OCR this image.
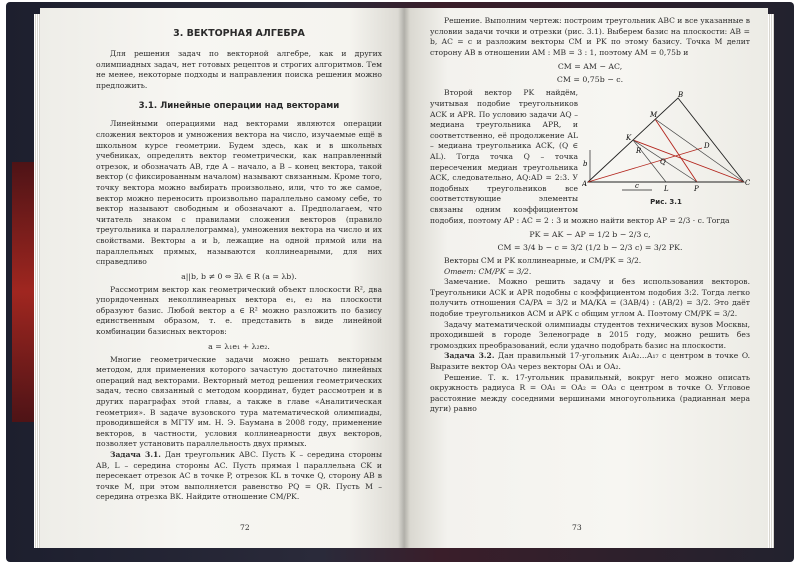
3. ВЕКТОРНАЯ АЛГЕБРА

Для решения задач по векторной алгебре, как и других олимпиадных задач, нет готовых рецептов и строгих алгоритмов. Тем не менее, некоторые подходы и направления поиска решения можно предложить.

3.1. Линейные операции над векторами

Линейными операциями над векторами являются операции сложения векторов и умножения вектора на число, изучаемые ещё в школьном курсе геометрии. Будем здесь, как и в школьных учебниках, определять вектор геометрически, как направленный отрезок, и обозначать AB, где A – начало, а B – конец вектора, такой вектор (с фиксированным началом) называют связанным. Кроме того, точку вектора можно выбирать произвольно, или, что то же самое, вектор можно переносить произвольно параллельно самому себе, то вектор называют свободным и обозначают a. Предполагаем, что читатель знаком с правилами сложения векторов (правило треугольника и параллелограмма), умножения вектора на число и их свойствами. Векторы a и b, лежащие на одной прямой или на параллельных прямых, называются коллинеарными, для них справедливо

a||b, b ≠ 0 ⇔ ∃λ ∈ R (a = λb).

Рассмотрим вектор как геометрический объект плоскости R², два упорядоченных неколлинеарных вектора e₁, e₂ на плоскости образуют базис. Любой вектор a ∈ R² можно разложить по базису единственным образом, т. е. представить в виде линейной комбинации базисных векторов:

a = λ₁e₁ + λ₂e₂.

Многие геометрические задачи можно решать векторным методом, для применения которого зачастую достаточно линейных операций над векторами. Векторный метод решения геометрических задач, тесно связанный с методом координат, будет рассмотрен и в других параграфах этой главы, а также в главе «Аналитическая геометрия». В задаче вузовского тура математической олимпиады, проводившейся в МГТУ им. Н. Э. Баумана в 2008 году, применение векторов, в частности, условия коллинеарности двух векторов, позволяет установить параллельность двух прямых.

Задача 3.1. Дан треугольник ABC. Пусть K – середина стороны AB, L – середина стороны AC. Пусть прямая l параллельна CK и пересекает отрезок AC в точке P, отрезок KL в точке Q, сторону AB в точке M, при этом выполняется равенство PQ = QR. Пусть M – середина отрезка BK. Найдите отношение CM/PK.

72

Решение. Выполним чертеж: построим треугольник ABC и все указанные в условии задачи точки и отрезки (рис. 3.1). Выберем базис на плоскости: AB = b, AC = c и разложим векторы CM и PK по этому базису. Точка M делит сторону AB в отношении AM : MB = 3 : 1, поэтому AM = 0,75b и

CM = AM − AC,
CM = 0,75b − c.
A
B
C
K
M
D
L	P
Q
R
b
c
Рис. 3.1

Второй вектор PK найдём, учитывая подобие треугольников ACK и APR. По условию задачи AQ – медиана треугольника APR, и соответственно, её продолжение AL – медиана треугольника ACK, (Q ∈ AL). Тогда точка Q – точка пересечения медиан треугольника ACK, следовательно, AQ:AD = 2:3. У подобных треугольников все соответствующие элементы связаны одним коэффициентом подобия, поэтому AP : AC = 2 : 3 и можно найти вектор AP = 2/3 · c. Тогда

PK = AK − AP = 1/2 b − 2/3 c,
CM = 3/4 b − c = 3/2 (1/2 b − 2/3 c) = 3/2 PK.

Векторы CM и PK коллинеарные, и CM/PK = 3/2.

Ответ: CM/PK = 3/2.

Замечание. Можно решить задачу и без использования векторов. Треугольники ACK и APR подобны с коэффициентом подобия 3:2. Тогда легко получить отношения CA/PA = 3/2 и MA/KA = (3AB/4) : (AB/2) = 3/2. Это даёт подобие треугольников ACM и APK с общим углом A. Поэтому CM/PK = 3/2.

Задачу математической олимпиады студентов технических вузов Москвы, проходившей в городе Зеленограде в 2015 году, можно решить без громоздких преобразований, если удачно подобрать базис на плоскости.

Задача 3.2. Дан правильный 17-угольник A₁A₂…A₁₇ с центром в точке O. Выразите вектор OA₃ через векторы OA₁ и OA₂.

Решение. Т. к. 17-угольник правильный, вокруг него можно описать окружность радиуса R = OA₁ = OA₂ = OA₃ с центром в точке O. Угловое расстояние между соседними вершинами многоугольника (радианная мера дуги) равно

73
